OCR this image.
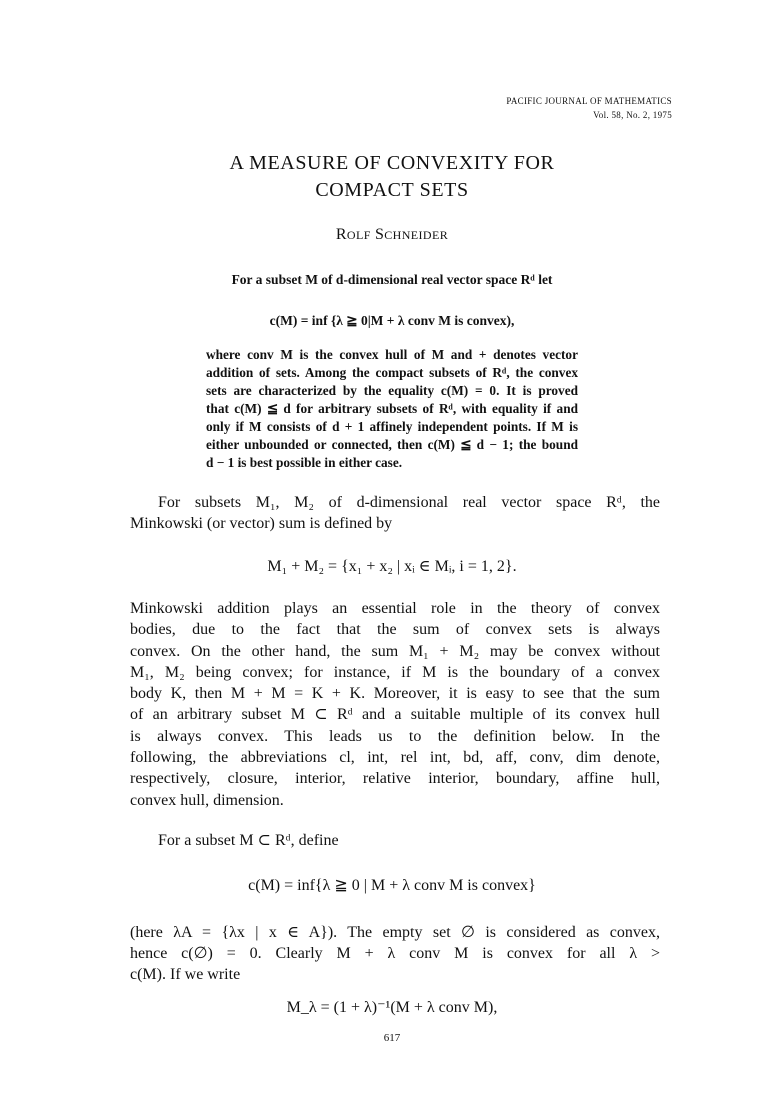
PACIFIC JOURNAL OF MATHEMATICS
Vol. 58, No. 2, 1975
A MEASURE OF CONVEXITY FOR
COMPACT SETS
ROLF SCHNEIDER
For a subset M of d-dimensional real vector space Rᵈ let
c(M) = inf {λ ≧ 0|M + λ conv M is convex),
where conv M is the convex hull of M and + denotes vector
addition of sets. Among the compact subsets of Rᵈ, the convex
sets are characterized by the equality c(M) = 0. It is proved
that c(M) ≦ d for arbitrary subsets of Rᵈ, with equality if and
only if M consists of d + 1 affinely independent points. If M is
either unbounded or connected, then c(M) ≦ d − 1; the bound
d − 1 is best possible in either case.
For subsets M₁, M₂ of d-dimensional real vector space Rᵈ, the
Minkowski (or vector) sum is defined by
M₁ + M₂ = {x₁ + x₂ | xᵢ ∈ Mᵢ, i = 1, 2}.
Minkowski addition plays an essential role in the theory of convex
bodies, due to the fact that the sum of convex sets is always
convex. On the other hand, the sum M₁ + M₂ may be convex without
M₁, M₂ being convex; for instance, if M is the boundary of a convex
body K, then M + M = K + K. Moreover, it is easy to see that the sum
of an arbitrary subset M ⊂ Rᵈ and a suitable multiple of its convex hull
is always convex. This leads us to the definition below. In the
following, the abbreviations cl, int, rel int, bd, aff, conv, dim denote,
respectively, closure, interior, relative interior, boundary, affine hull,
convex hull, dimension.
For a subset M ⊂ Rᵈ, define
c(M) = inf{λ ≧ 0 | M + λ conv M is convex}
(here λA = {λx | x ∈ A}). The empty set ∅ is considered as convex,
hence c(∅) = 0. Clearly M + λ conv M is convex for all λ >
c(M). If we write
M_λ = (1 + λ)⁻¹(M + λ conv M),
617
